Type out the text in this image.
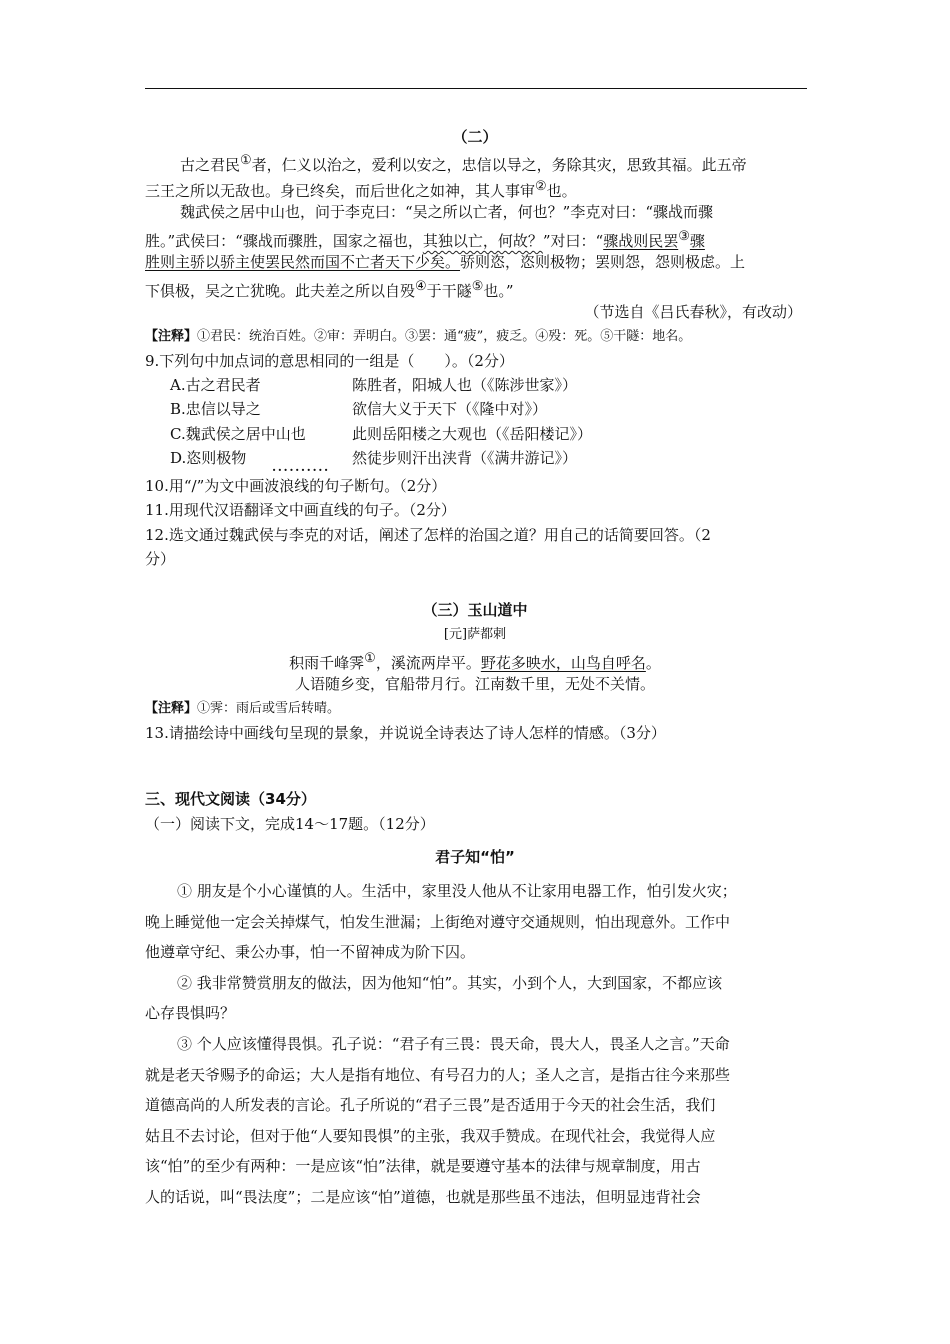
（二）
古之君民①者，仁义以治之，爱利以安之，忠信以导之，务除其灾，思致其福。此五帝
三王之所以无敌也。身已终矣，而后世化之如神，其人事审②也。
魏武侯之居中山也，问于李克曰：“吴之所以亡者，何也？”李克对曰：“骤战而骤
胜。”武侯曰：“骤战而骤胜，国家之福也，其独以亡，何故？”对曰：“骤战则民罢③骤
胜则主骄以骄主使罢民然而国不亡者天下少矣。骄则恣，恣则极物；罢则怨，怨则极虑。上
下俱极，吴之亡犹晚。此夫差之所以自殁④于干隧⑤也。”
（节选自《吕氏春秋》，有改动）
【注释】①君民：统治百姓。②审：弄明白。③罢：通“疲”，疲乏。④殁：死。⑤干隧：地名。
9.下列句中加点词的意思相同的一组是（　　）。（2分）
A.古之君民者	陈胜者，阳城人也（《陈涉世家》）
B.忠信以导之	欲信大义于天下（《隆中对》）
C.魏武侯之居中山也	此则岳阳楼之大观也（《岳阳楼记》）
D.恣则极物	然徒步则汗出浃背（《满井游记》）
··········
10.用“/”为文中画波浪线的句子断句。（2分）
11.用现代汉语翻译文中画直线的句子。（2分）
12.选文通过魏武侯与李克的对话，阐述了怎样的治国之道？用自己的话简要回答。（2
分）
（三）玉山道中
[元]萨都剌
积雨千峰霁①，溪流两岸平。野花多映水，山鸟自呼名。
人语随乡变，官船带月行。江南数千里，无处不关情。
【注释】①霁：雨后或雪后转晴。
13.请描绘诗中画线句呈现的景象，并说说全诗表达了诗人怎样的情感。（3分）
三、现代文阅读（34分）
（一）阅读下文，完成14～17题。（12分）
君子知“怕”
① 朋友是个小心谨慎的人。生活中，家里没人他从不让家用电器工作，怕引发火灾；
晚上睡觉他一定会关掉煤气，怕发生泄漏；上街绝对遵守交通规则，怕出现意外。工作中
他遵章守纪、秉公办事，怕一不留神成为阶下囚。
② 我非常赞赏朋友的做法，因为他知“怕”。其实，小到个人，大到国家，不都应该
心存畏惧吗？
③ 个人应该懂得畏惧。孔子说：“君子有三畏：畏天命，畏大人，畏圣人之言。”天命
就是老天爷赐予的命运；大人是指有地位、有号召力的人；圣人之言，是指古往今来那些
道德高尚的人所发表的言论。孔子所说的“君子三畏”是否适用于今天的社会生活，我们
姑且不去讨论，但对于他“人要知畏惧”的主张，我双手赞成。在现代社会，我觉得人应
该“怕”的至少有两种：一是应该“怕”法律，就是要遵守基本的法律与规章制度，用古
人的话说，叫“畏法度”；二是应该“怕”道德，也就是那些虽不违法，但明显违背社会
